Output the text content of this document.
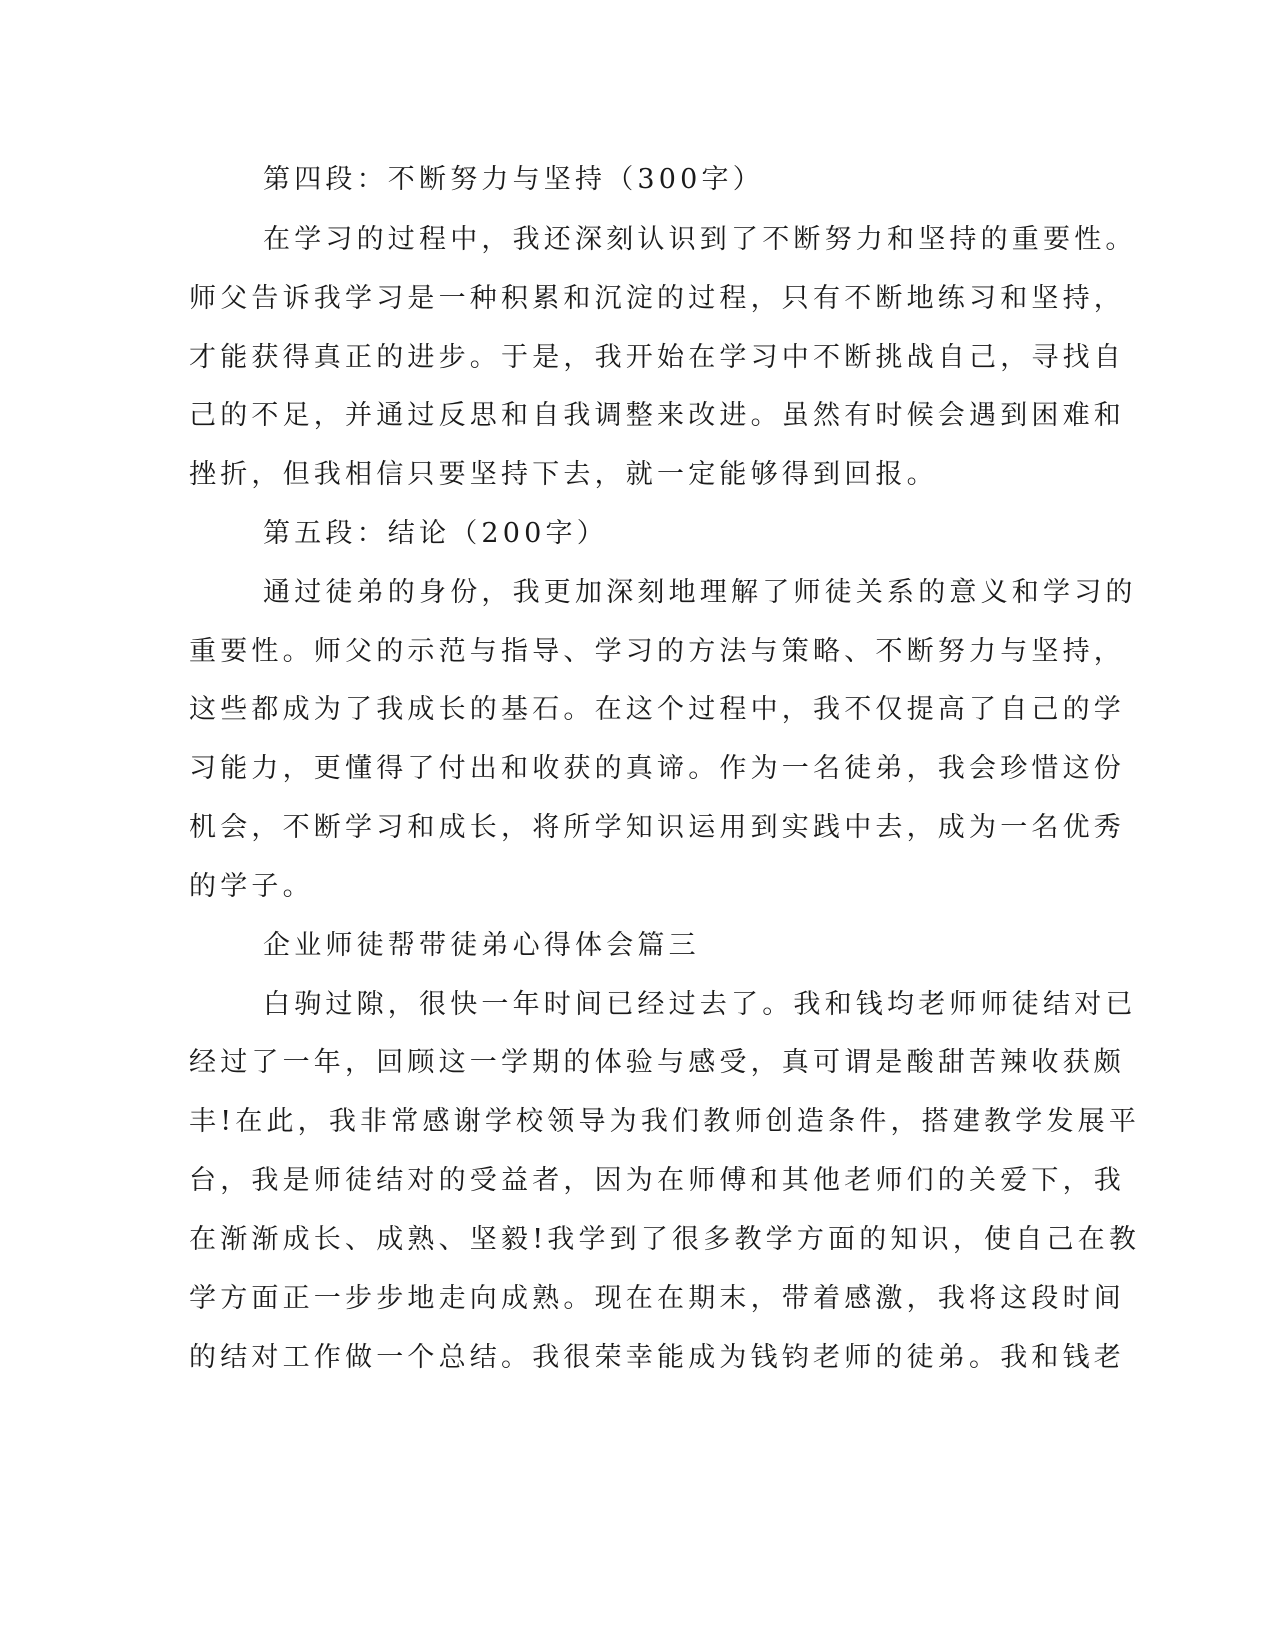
第四段：不断努力与坚持（300字）
在学习的过程中，我还深刻认识到了不断努力和坚持的重要性。
师父告诉我学习是一种积累和沉淀的过程，只有不断地练习和坚持，
才能获得真正的进步。于是，我开始在学习中不断挑战自己，寻找自
己的不足，并通过反思和自我调整来改进。虽然有时候会遇到困难和
挫折，但我相信只要坚持下去，就一定能够得到回报。
第五段：结论（200字）
通过徒弟的身份，我更加深刻地理解了师徒关系的意义和学习的
重要性。师父的示范与指导、学习的方法与策略、不断努力与坚持，
这些都成为了我成长的基石。在这个过程中，我不仅提高了自己的学
习能力，更懂得了付出和收获的真谛。作为一名徒弟，我会珍惜这份
机会，不断学习和成长，将所学知识运用到实践中去，成为一名优秀
的学子。
企业师徒帮带徒弟心得体会篇三
白驹过隙，很快一年时间已经过去了。我和钱均老师师徒结对已
经过了一年，回顾这一学期的体验与感受，真可谓是酸甜苦辣收获颇
丰!在此，我非常感谢学校领导为我们教师创造条件，搭建教学发展平
台，我是师徒结对的受益者，因为在师傅和其他老师们的关爱下，我
在渐渐成长、成熟、坚毅!我学到了很多教学方面的知识，使自己在教
学方面正一步步地走向成熟。现在在期末，带着感激，我将这段时间
的结对工作做一个总结。我很荣幸能成为钱钧老师的徒弟。我和钱老
